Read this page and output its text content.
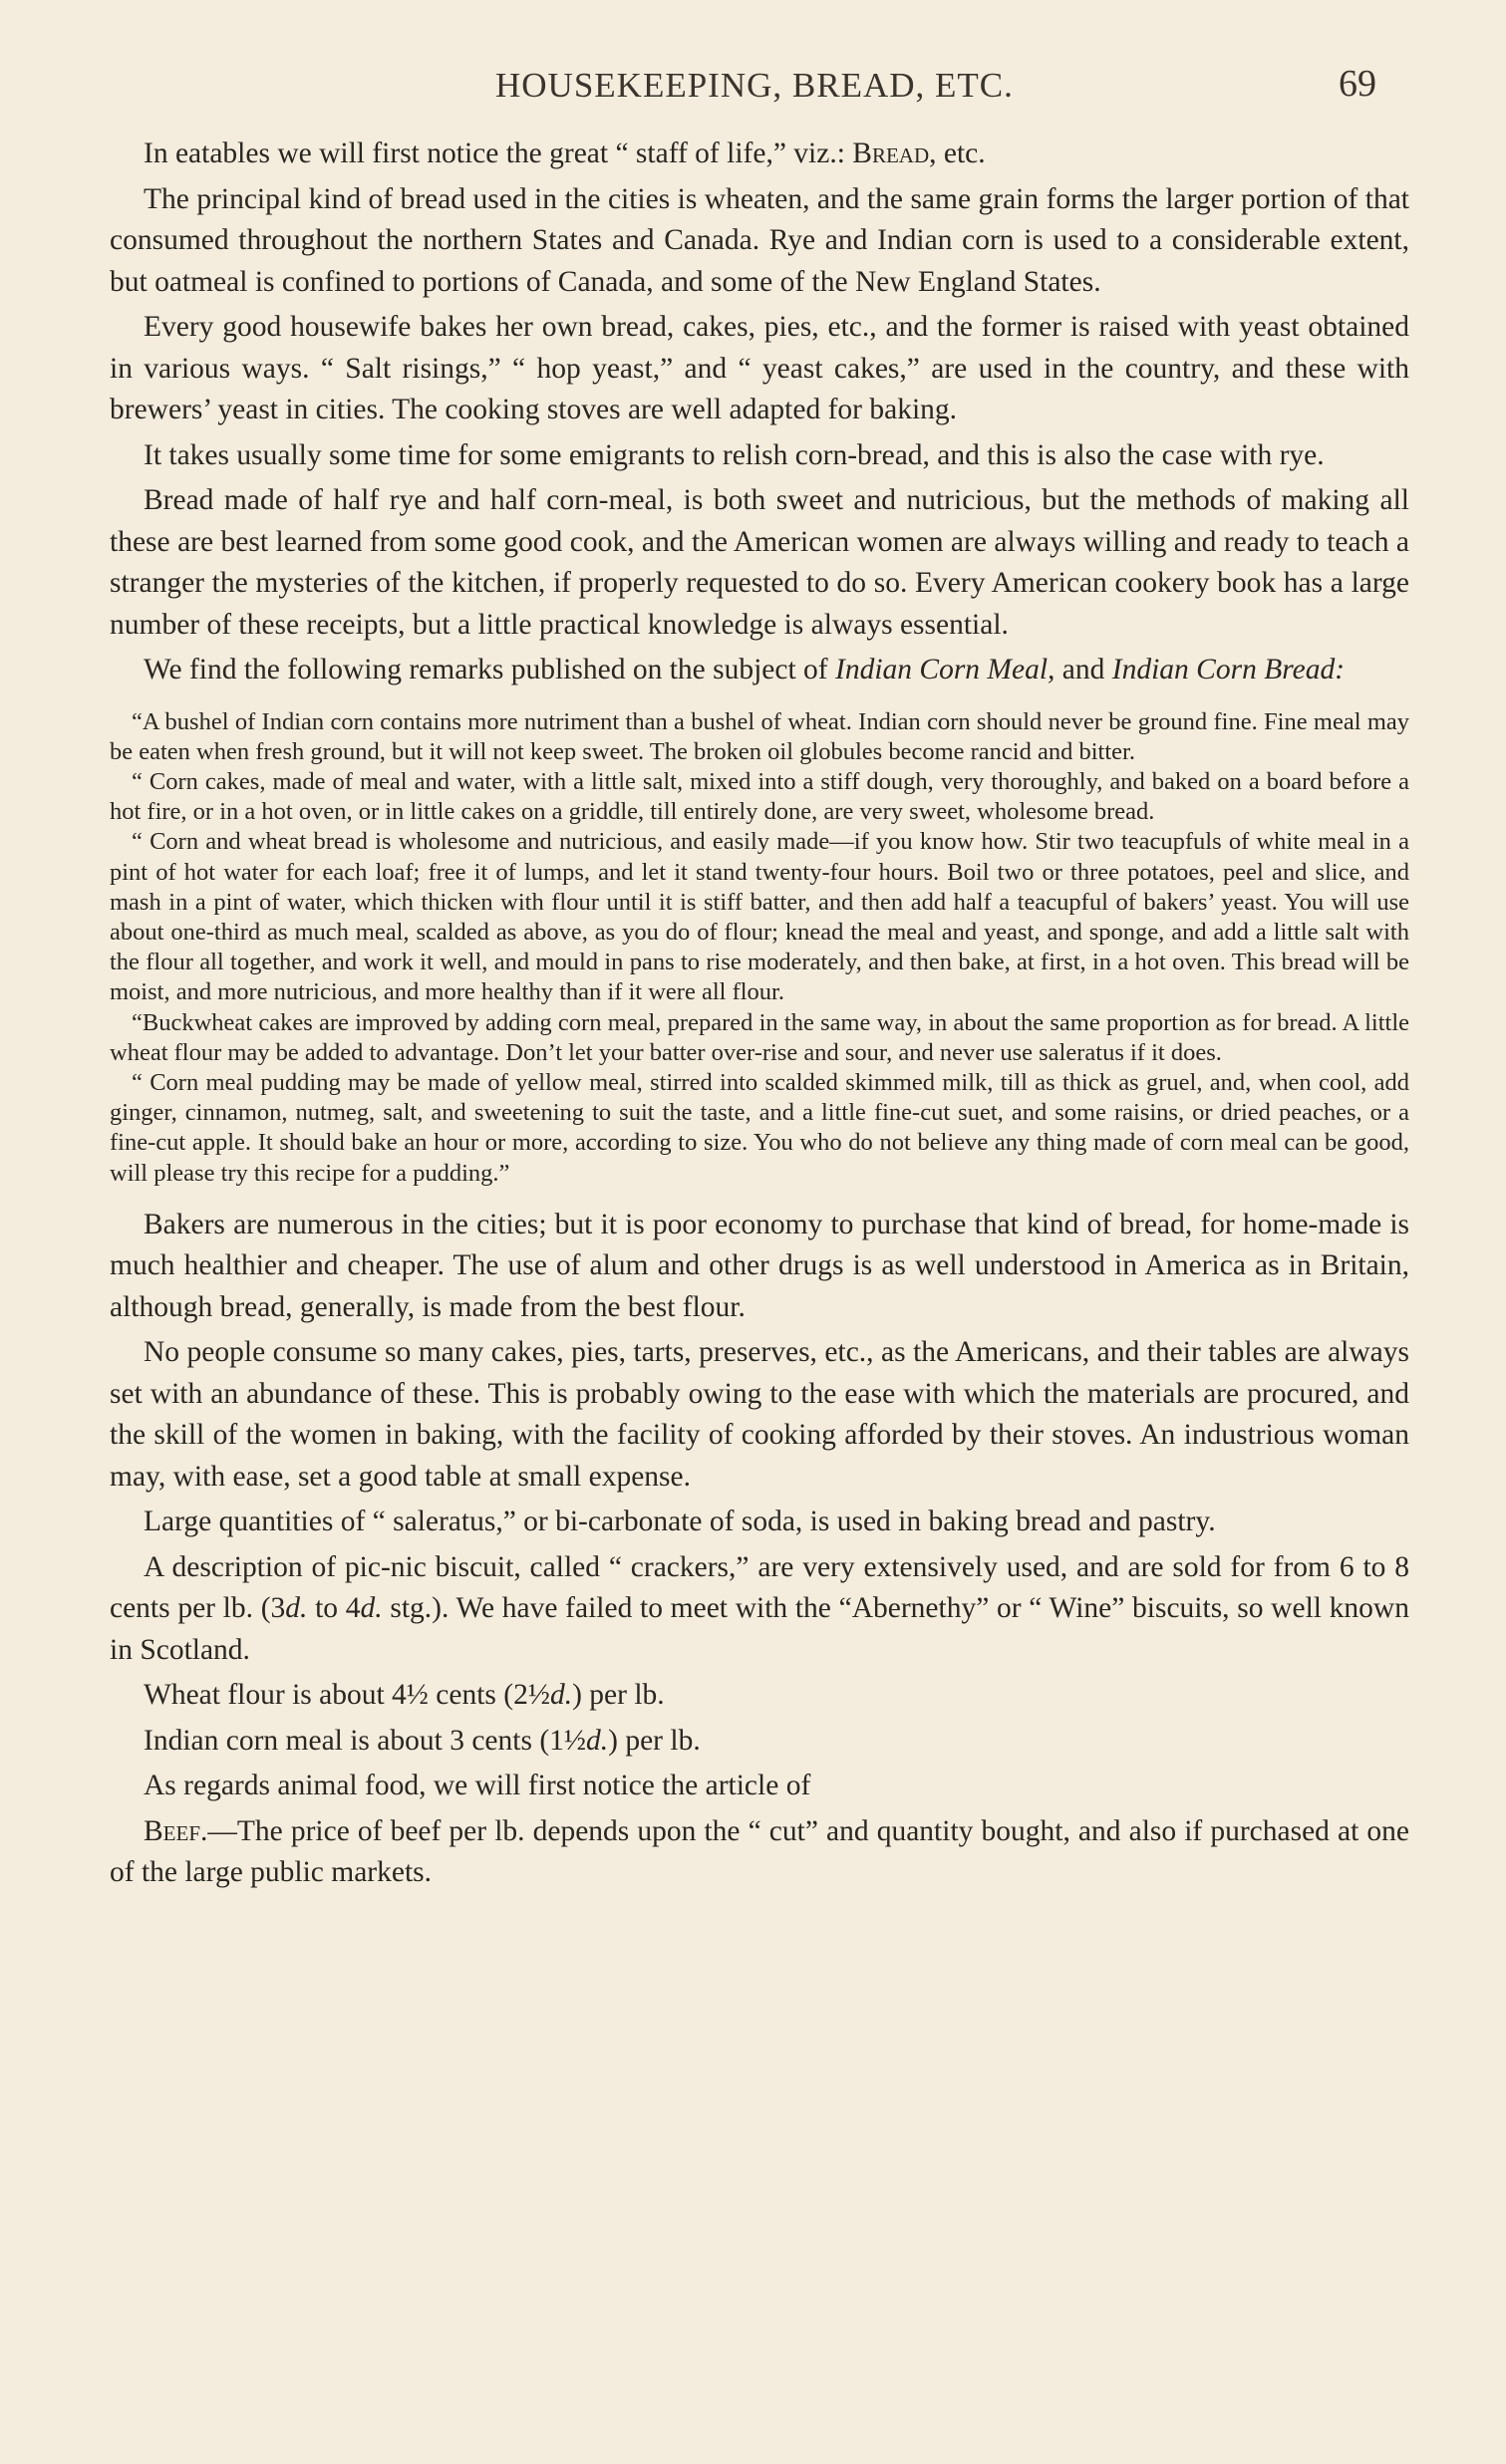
HOUSEKEEPING, BREAD, ETC.	69

In eatables we will first notice the great “ staff of life,” viz.: Bread, etc.

The principal kind of bread used in the cities is wheaten, and the same grain forms the larger portion of that consumed throughout the northern States and Canada. Rye and Indian corn is used to a considerable extent, but oatmeal is confined to portions of Canada, and some of the New England States.

Every good housewife bakes her own bread, cakes, pies, etc., and the former is raised with yeast obtained in various ways. “ Salt risings,” “ hop yeast,” and “ yeast cakes,” are used in the country, and these with brewers’ yeast in cities. The cooking stoves are well adapted for baking.

It takes usually some time for some emigrants to relish corn-bread, and this is also the case with rye.

Bread made of half rye and half corn-meal, is both sweet and nutricious, but the methods of making all these are best learned from some good cook, and the American women are always willing and ready to teach a stranger the mysteries of the kitchen, if properly requested to do so. Every American cookery book has a large number of these receipts, but a little practical knowledge is always essential.

We find the following remarks published on the subject of Indian Corn Meal, and Indian Corn Bread:

“A bushel of Indian corn contains more nutriment than a bushel of wheat. Indian corn should never be ground fine. Fine meal may be eaten when fresh ground, but it will not keep sweet. The broken oil globules become rancid and bitter.

“ Corn cakes, made of meal and water, with a little salt, mixed into a stiff dough, very thoroughly, and baked on a board before a hot fire, or in a hot oven, or in little cakes on a griddle, till entirely done, are very sweet, wholesome bread.

“ Corn and wheat bread is wholesome and nutricious, and easily made—if you know how. Stir two teacupfuls of white meal in a pint of hot water for each loaf; free it of lumps, and let it stand twenty-four hours. Boil two or three potatoes, peel and slice, and mash in a pint of water, which thicken with flour until it is stiff batter, and then add half a teacupful of bakers’ yeast. You will use about one-third as much meal, scalded as above, as you do of flour; knead the meal and yeast, and sponge, and add a little salt with the flour all together, and work it well, and mould in pans to rise moderately, and then bake, at first, in a hot oven. This bread will be moist, and more nutricious, and more healthy than if it were all flour.

“Buckwheat cakes are improved by adding corn meal, prepared in the same way, in about the same proportion as for bread. A little wheat flour may be added to advantage. Don’t let your batter over-rise and sour, and never use saleratus if it does.

“ Corn meal pudding may be made of yellow meal, stirred into scalded skimmed milk, till as thick as gruel, and, when cool, add ginger, cinnamon, nutmeg, salt, and sweetening to suit the taste, and a little fine-cut suet, and some raisins, or dried peaches, or a fine-cut apple. It should bake an hour or more, according to size. You who do not believe any thing made of corn meal can be good, will please try this recipe for a pudding.”

Bakers are numerous in the cities; but it is poor economy to purchase that kind of bread, for home-made is much healthier and cheaper. The use of alum and other drugs is as well understood in America as in Britain, although bread, generally, is made from the best flour.

No people consume so many cakes, pies, tarts, preserves, etc., as the Americans, and their tables are always set with an abundance of these. This is probably owing to the ease with which the materials are procured, and the skill of the women in baking, with the facility of cooking afforded by their stoves. An industrious woman may, with ease, set a good table at small expense.

Large quantities of “ saleratus,” or bi-carbonate of soda, is used in baking bread and pastry.

A description of pic-nic biscuit, called “ crackers,” are very extensively used, and are sold for from 6 to 8 cents per lb. (3d. to 4d. stg.). We have failed to meet with the “Abernethy” or “ Wine” biscuits, so well known in Scotland.

Wheat flour is about 4½ cents (2½d.) per lb.

Indian corn meal is about 3 cents (1½d.) per lb.

As regards animal food, we will first notice the article of

Beef.—The price of beef per lb. depends upon the “ cut” and quantity bought, and also if purchased at one of the large public markets.
